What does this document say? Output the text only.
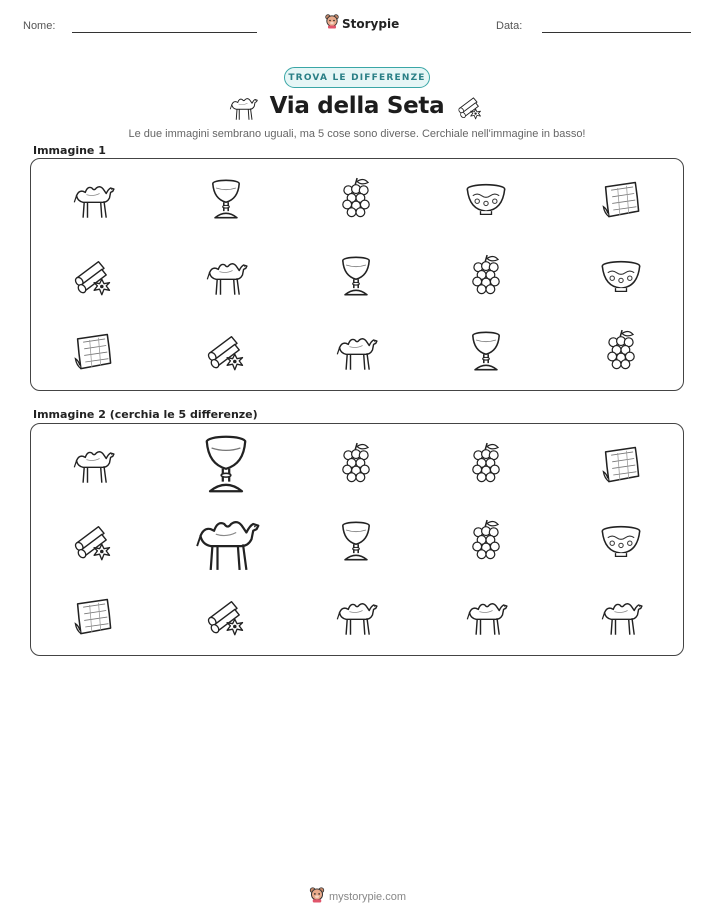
Nome:	Storypie	Data:
TROVA LE DIFFERENZE
Via della Seta
Le due immagini sembrano uguali, ma 5 cose sono diverse. Cerchiale nell'immagine in basso!
Immagine 1
Immagine 2 (cerchia le 5 differenze)
mystorypie.com
